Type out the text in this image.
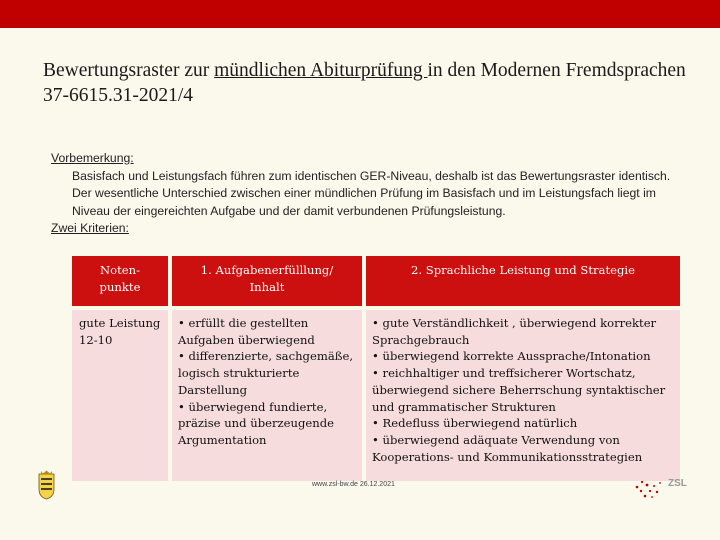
Bewertungsraster zur mündlichen Abiturprüfung in den Modernen Fremdsprachen
37-6615.31-2021/4
Vorbemerkung:
Basisfach und Leistungsfach führen zum identischen GER-Niveau, deshalb ist das Bewertungsraster identisch. Der wesentliche Unterschied zwischen einer mündlichen Prüfung im Basisfach und im Leistungsfach liegt im Niveau der eingereichten Aufgabe und der damit verbundenen Prüfungsleistung.
Zwei Kriterien:
Noten-punkte
1. Aufgabenerfülllung/ Inhalt
2. Sprachliche Leistung und Strategie
gute Leistung
12-10
• erfüllt die gestellten Aufgaben überwiegend
• differenzierte, sachgemäße, logisch strukturierte Darstellung
• überwiegend fundierte, präzise und überzeugende Argumentation
• gute Verständlichkeit , überwiegend korrekter Sprachgebrauch
• überwiegend korrekte Aussprache/Intonation
• reichhaltiger und treffsicherer Wortschatz, überwiegend sichere Beherrschung syntaktischer und grammatischer Strukturen
• Redefluss überwiegend natürlich
• überwiegend adäquate Verwendung von Kooperations- und Kommunikationsstrategien
www.zsl-bw.de 26.12.2021	ZSL
